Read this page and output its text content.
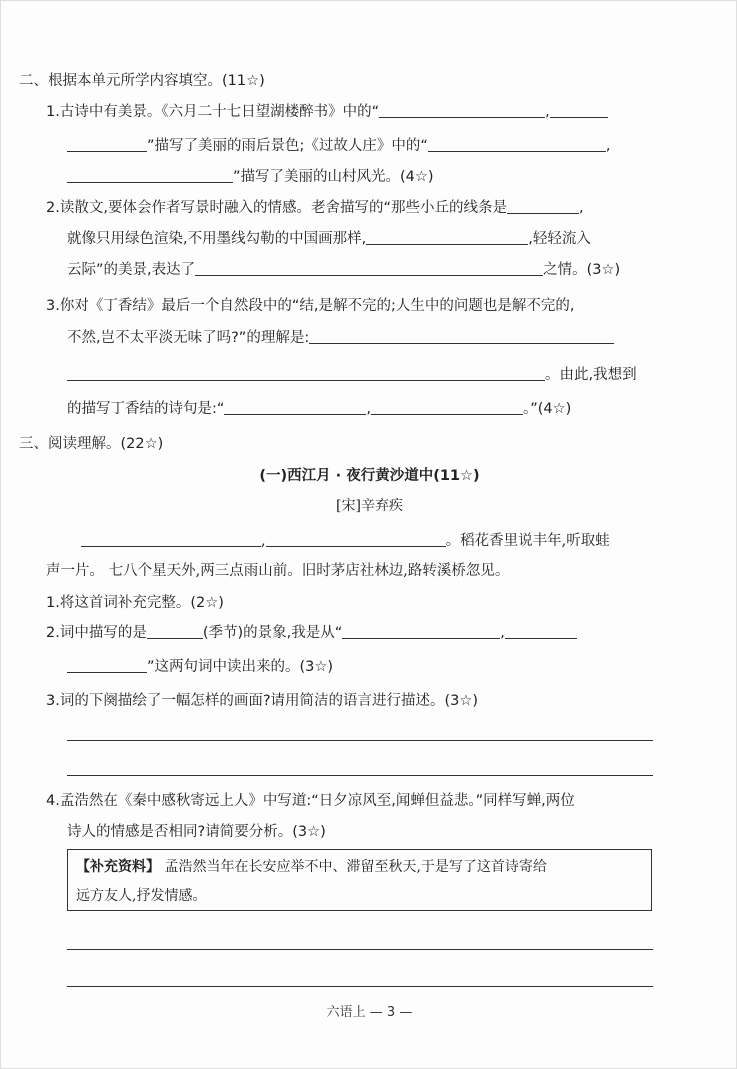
二、根据本单元所学内容填空。(11☆)
1.古诗中有美景。《六月二十七日望湖楼醉书》中的“	,
”描写了美丽的雨后景色;《过故人庄》中的“	,
”描写了美丽的山村风光。(4☆)
2.读散文,要体会作者写景时融入的情感。老舍描写的“那些小丘的线条是	,
就像只用绿色渲染,不用墨线勾勒的中国画那样,	,轻轻流入
云际”的美景,表达了	之情。(3☆)
3.你对《丁香结》最后一个自然段中的“结,是解不完的;人生中的问题也是解不完的,
不然,岂不太平淡无味了吗?”的理解是:
。由此,我想到
的描写丁香结的诗句是:“	,	。”(4☆)
三、阅读理解。(22☆)
(一)西江月 · 夜行黄沙道中(11☆)
[宋]辛弃疾
,	。稻花香里说丰年,听取蛙
声一片。 七八个星天外,两三点雨山前。旧时茅店社林边,路转溪桥忽见。
1.将这首词补充完整。(2☆)
2.词中描写的是	(季节)的景象,我是从“	,
”这两句词中读出来的。(3☆)
3.词的下阕描绘了一幅怎样的画面?请用简洁的语言进行描述。(3☆)
4.孟浩然在《秦中感秋寄远上人》中写道:“日夕凉风至,闻蝉但益悲。”同样写蝉,两位
诗人的情感是否相同?请简要分析。(3☆)
【补充资料】 孟浩然当年在长安应举不中、滞留至秋天,于是写了这首诗寄给
远方友人,抒发情感。
六语上 — 3 —
